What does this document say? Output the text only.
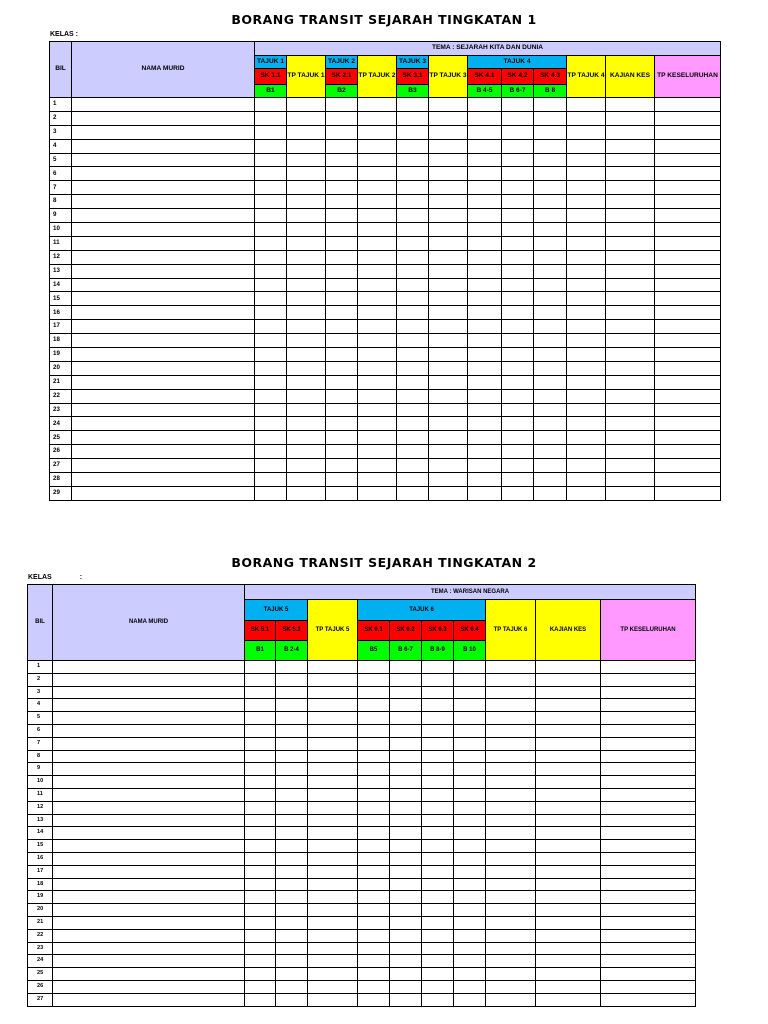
BORANG TRANSIT SEJARAH TINGKATAN 1
KELAS :
BIL	NAMA MURID	TEMA : SEJARAH KITA DAN DUNIA											
		TAJUK 1	TP TAJUK 1	TAJUK 2	TP TAJUK 2	TAJUK 3	TP TAJUK 3	TAJUK 4			TP TAJUK 4	KAJIAN KES	TP KESELURUHAN
		SK 1.1		SK 2.1		SK 3.1		SK 4.1	SK 4.2	SK 4.3			
		B1		B2		B3		B 4-5	B 6-7	B 8			
1													
2													
3													
4													
5													
6													
7													
8													
9													
10													
11													
12													
13													
14													
15													
16													
17													
18													
19													
20													
21													
22													
23													
24													
25													
26													
27													
28													
29													
BORANG TRANSIT SEJARAH TINGKATAN 2
KELAS	:
BIL	NAMA MURID	TEMA : WARISAN NEGARA									
		TAJUK 5		TP TAJUK 5	TAJUK 6				TP TAJUK 6	KAJIAN KES	TP KESELURUHAN
		SK 5.1	SK 5.2		SK 6.1	SK 6.2	SK 6.3	SK 6.4			
		B1	B 2-4		B5	B 6-7	B 8-9	B 10			
1											
2											
3											
4											
5											
6											
7											
8											
9											
10											
11											
12											
13											
14											
15											
16											
17											
18											
19											
20											
21											
22											
23											
24											
25											
26											
27											
